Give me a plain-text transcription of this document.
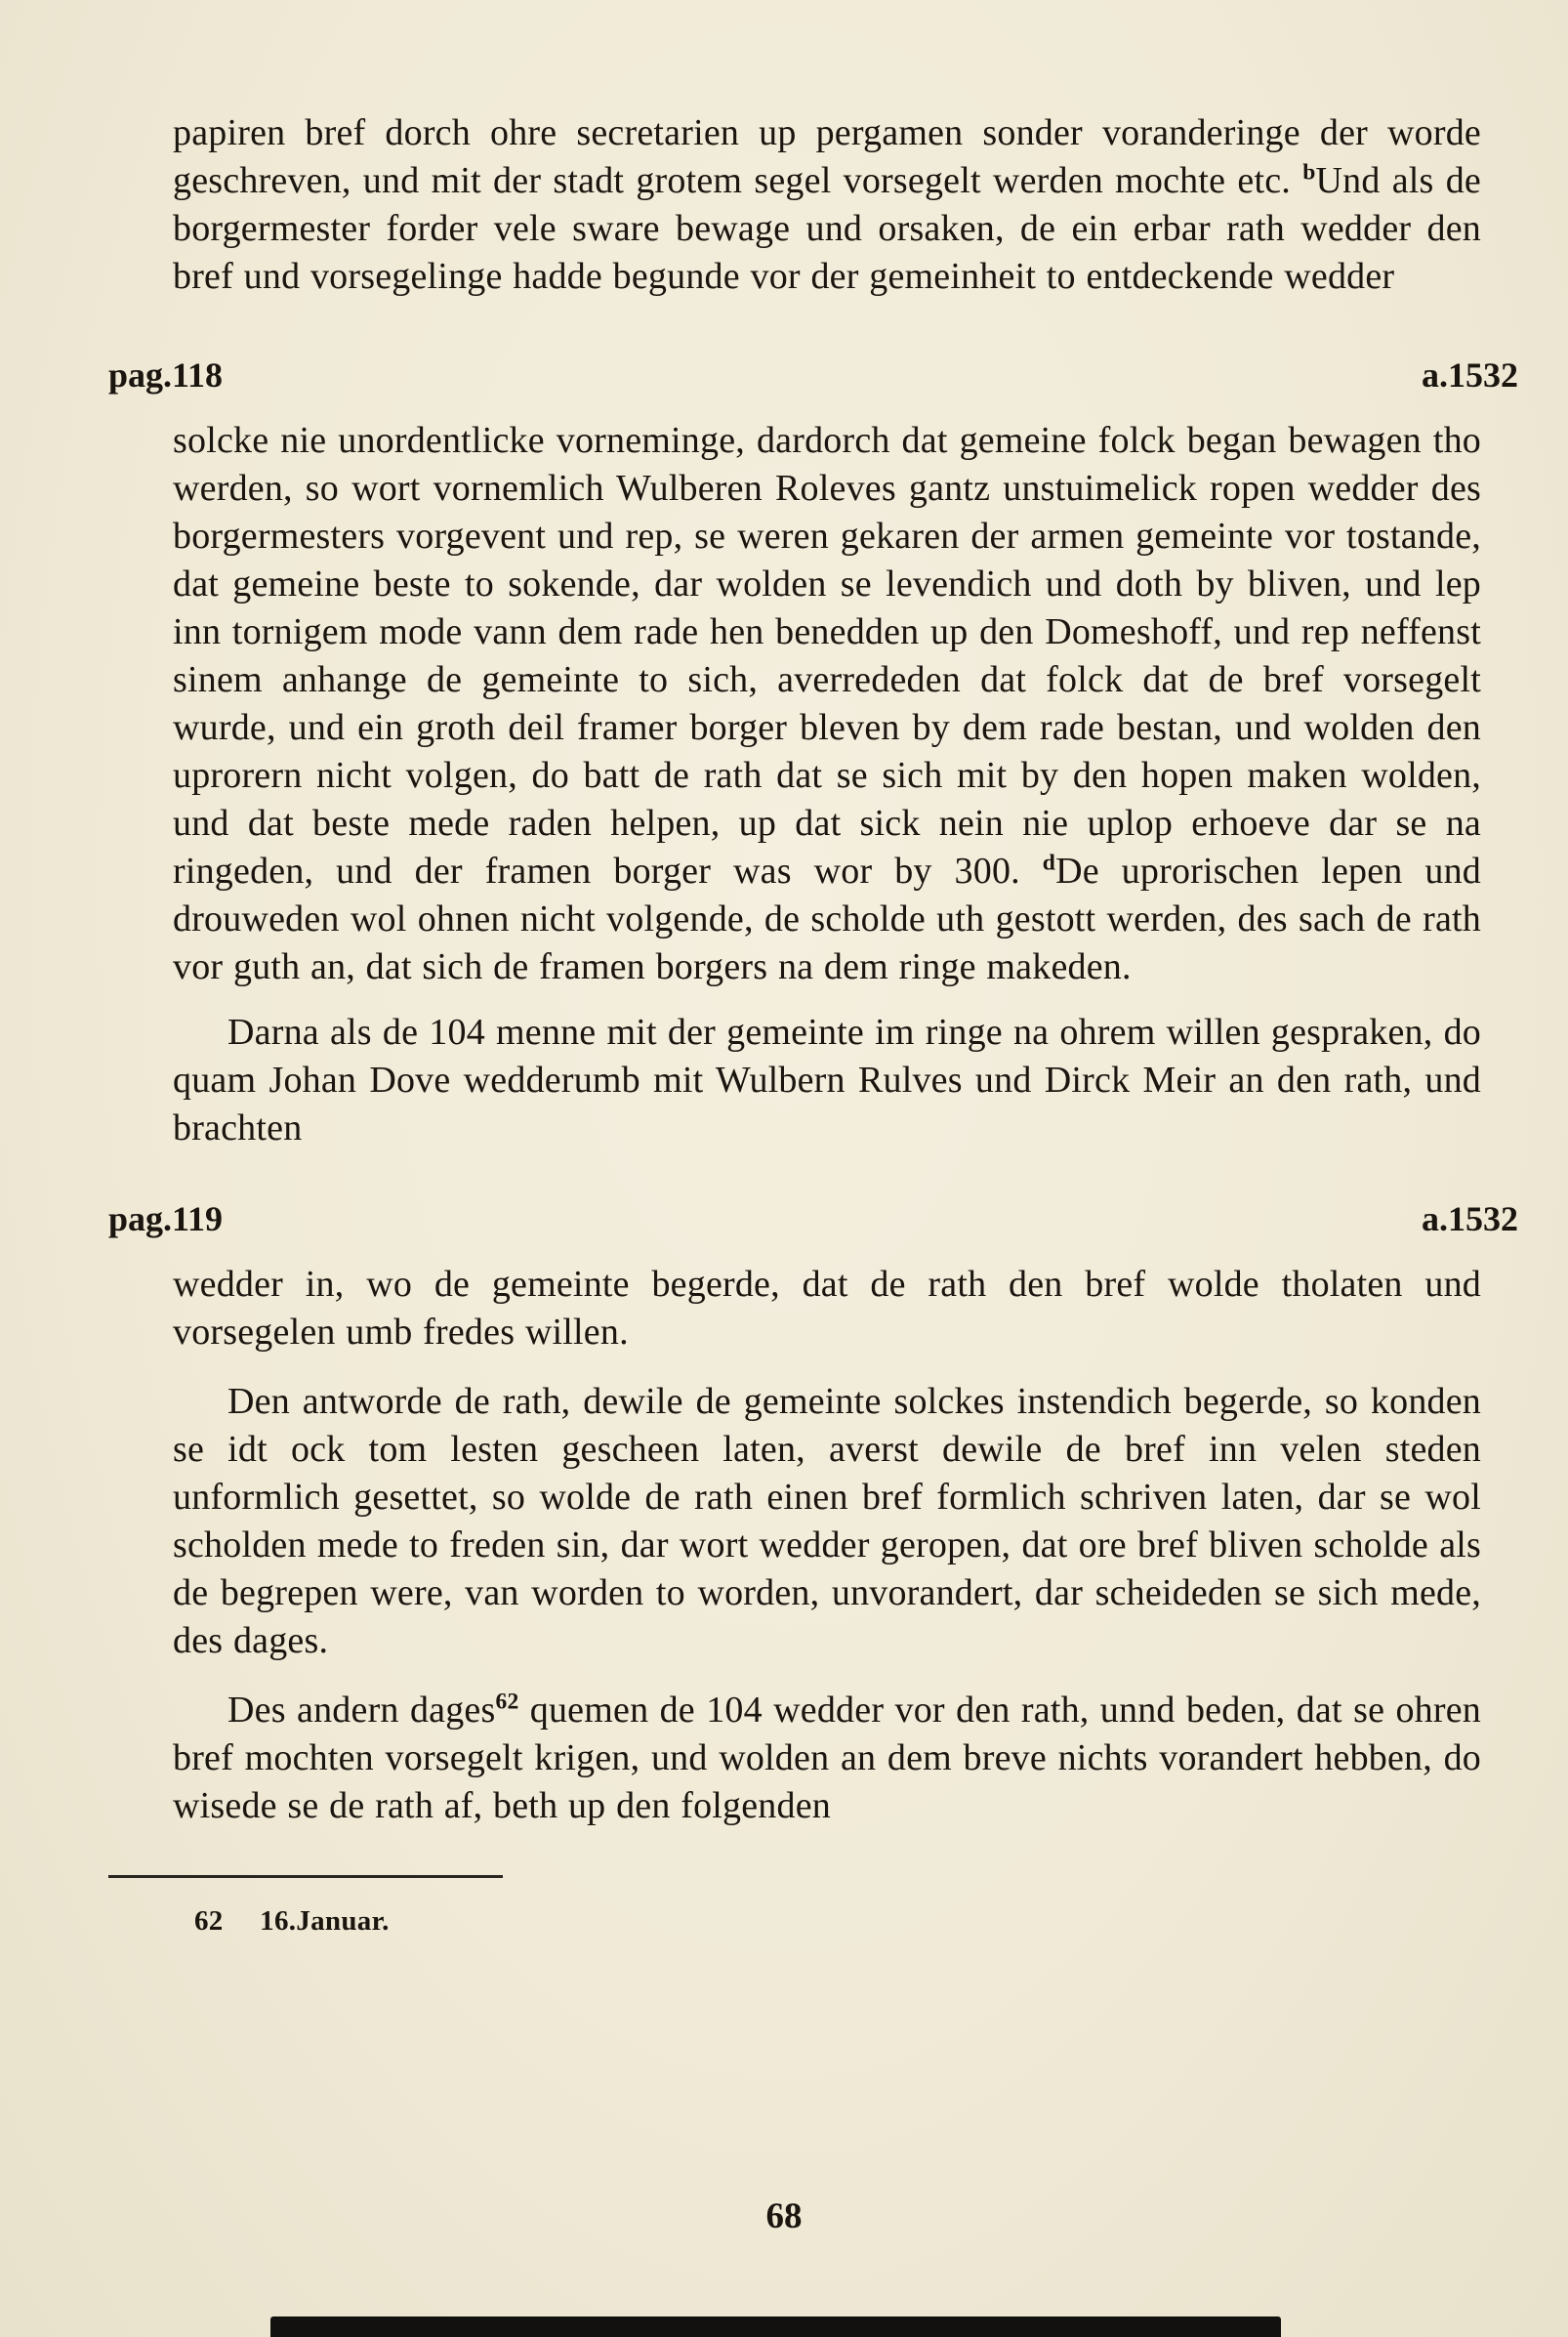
papiren bref dorch ohre secretarien up pergamen sonder voranderinge der worde geschreven, und mit der stadt grotem segel vorsegelt werden mochte etc. $^b$Und als de borgermester forder vele sware bewage und orsaken, de ein erbar rath wedder den bref und vorsegelinge hadde begunde vor der gemeinheit to entdeckende wedder

pag.118	a.1532

solcke nie unordentlicke vorneminge, dardorch dat gemeine folck began bewagen tho werden, so wort vornemlich Wulberen Roleves gantz unstuimelick ropen wedder des borgermesters vorgevent und rep, se weren gekaren der armen gemeinte vor tostande, dat gemeine beste to sokende, dar wolden se levendich und doth by bliven, und lep inn tornigem mode vann dem rade hen benedden up den Domeshoff, und rep neffenst sinem anhange de gemeinte to sich, averrededen dat folck dat de bref vorsegelt wurde, und ein groth deil framer borger bleven by dem rade bestan, und wolden den uprorern nicht volgen, do batt de rath dat se sich mit by den hopen maken wolden, und dat beste mede raden helpen, up dat sick nein nie uplop erhoeve dar se na ringeden, und der framen borger was wor by 300. $^d$De uprorischen lepen und drouweden wol ohnen nicht volgende, de scholde uth gestott werden, des sach de rath vor guth an, dat sich de framen borgers na dem ringe makeden.

Darna als de 104 menne mit der gemeinte im ringe na ohrem willen gespraken, do quam Johan Dove wedderumb mit Wulbern Rulves und Dirck Meir an den rath, und brachten

pag.119	a.1532

wedder in, wo de gemeinte begerde, dat de rath den bref wolde tholaten und vorsegelen umb fredes willen.

Den antworde de rath, dewile de gemeinte solckes instendich begerde, so konden se idt ock tom lesten gescheen laten, averst dewile de bref inn velen steden unformlich gesettet, so wolde de rath einen bref formlich schriven laten, dar se wol scholden mede to freden sin, dar wort wedder geropen, dat ore bref bliven scholde als de begrepen were, van worden to worden, unvorandert, dar scheideden se sich mede, des dages.

Des andern dages$^{62}$ quemen de 104 wedder vor den rath, unnd beden, dat se ohren bref mochten vorsegelt krigen, und wolden an dem breve nichts vorandert hebben, do wisede se de rath af, beth up den folgenden

62 16.Januar.
68
